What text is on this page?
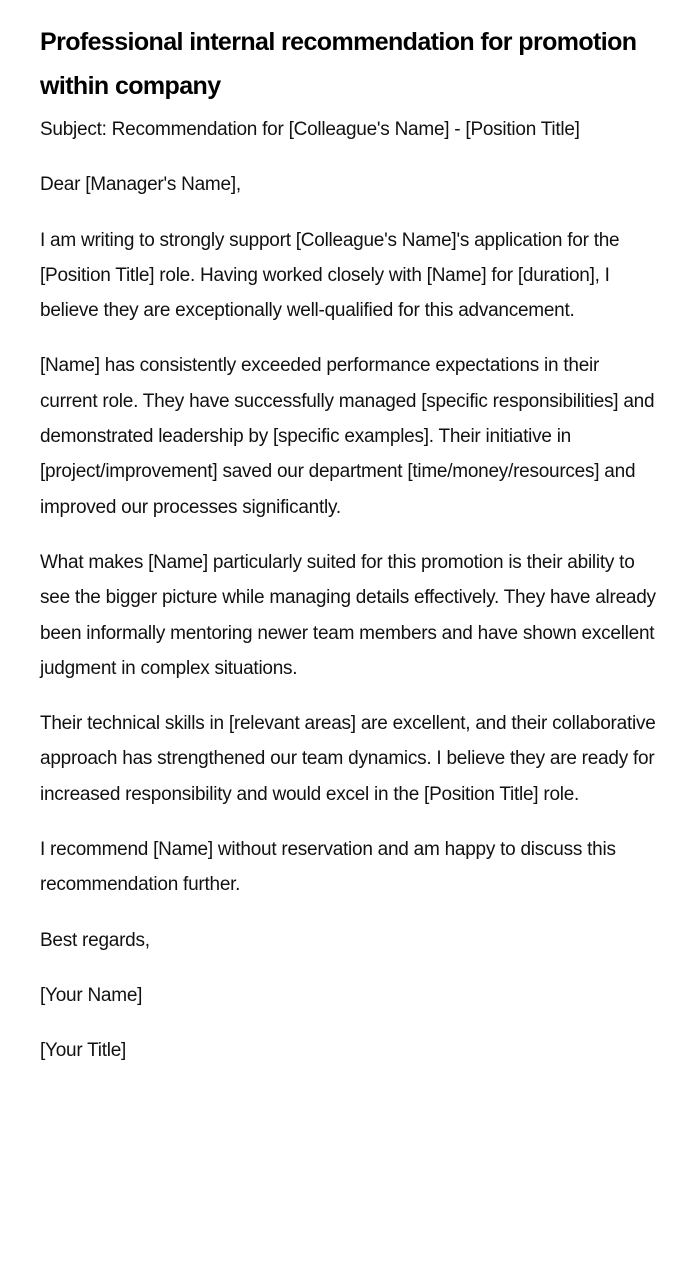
Professional internal recommendation for promotion within company

Subject: Recommendation for [Colleague's Name] - [Position Title]

Dear [Manager's Name],

I am writing to strongly support [Colleague's Name]'s application for the [Position Title] role. Having worked closely with [Name] for [duration], I believe they are exceptionally well-qualified for this advancement.

[Name] has consistently exceeded performance expectations in their current role. They have successfully managed [specific responsibilities] and demonstrated leadership by [specific examples]. Their initiative in [project/improvement] saved our department [time/money/resources] and improved our processes significantly.

What makes [Name] particularly suited for this promotion is their ability to see the bigger picture while managing details effectively. They have already been informally mentoring newer team members and have shown excellent judgment in complex situations.

Their technical skills in [relevant areas] are excellent, and their collaborative approach has strengthened our team dynamics. I believe they are ready for increased responsibility and would excel in the [Position Title] role.

I recommend [Name] without reservation and am happy to discuss this recommendation further.

Best regards,

[Your Name]

[Your Title]
